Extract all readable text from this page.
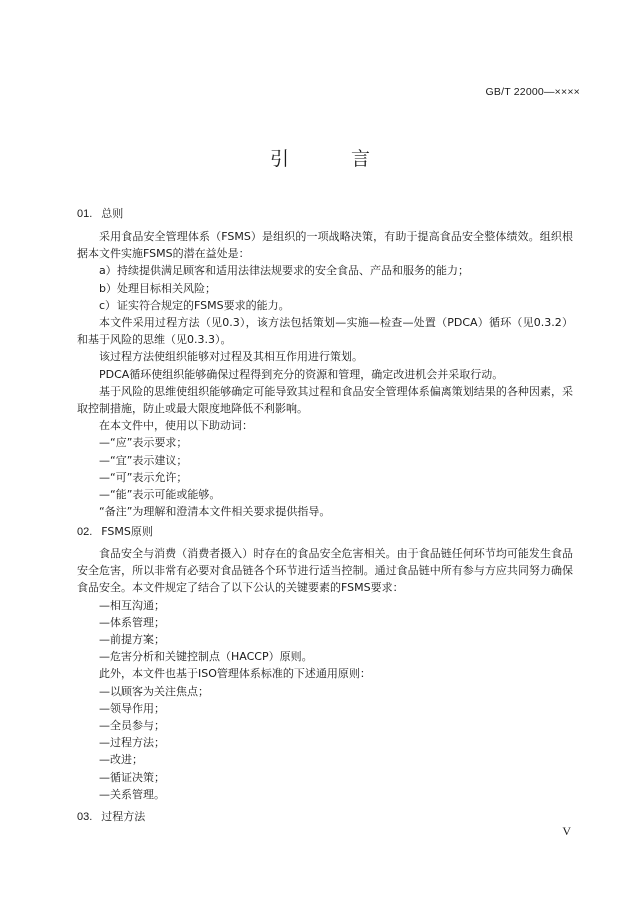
GB/T 22000—××××
引 言
01. 总则

采用食品安全管理体系（FSMS）是组织的一项战略决策，有助于提高食品安全整体绩效。组织根据本文件实施FSMS的潜在益处是：

a）持续提供满足顾客和适用法律法规要求的安全食品、产品和服务的能力；

b）处理目标相关风险；

c）证实符合规定的FSMS要求的能力。

本文件采用过程方法（见0.3），该方法包括策划—实施—检查—处置（PDCA）循环（见0.3.2）和基于风险的思维（见0.3.3）。

该过程方法使组织能够对过程及其相互作用进行策划。

PDCA循环使组织能够确保过程得到充分的资源和管理，确定改进机会并采取行动。

基于风险的思维使组织能够确定可能导致其过程和食品安全管理体系偏离策划结果的各种因素，采取控制措施，防止或最大限度地降低不利影响。

在本文件中，使用以下助动词：

—“应”表示要求；

—“宜”表示建议；

—“可”表示允许；

—“能”表示可能或能够。

“备注”为理解和澄清本文件相关要求提供指导。

02. FSMS原则

食品安全与消费（消费者摄入）时存在的食品安全危害相关。由于食品链任何环节均可能发生食品安全危害，所以非常有必要对食品链各个环节进行适当控制。通过食品链中所有参与方应共同努力确保食品安全。本文件规定了结合了以下公认的关键要素的FSMS要求：

—相互沟通；

—体系管理；

—前提方案；

—危害分析和关键控制点（HACCP）原则。

此外，本文件也基于ISO管理体系标准的下述通用原则：

—以顾客为关注焦点；

—领导作用；

—全员参与；

—过程方法；

—改进；

—循证决策；

—关系管理。

03. 过程方法
V
